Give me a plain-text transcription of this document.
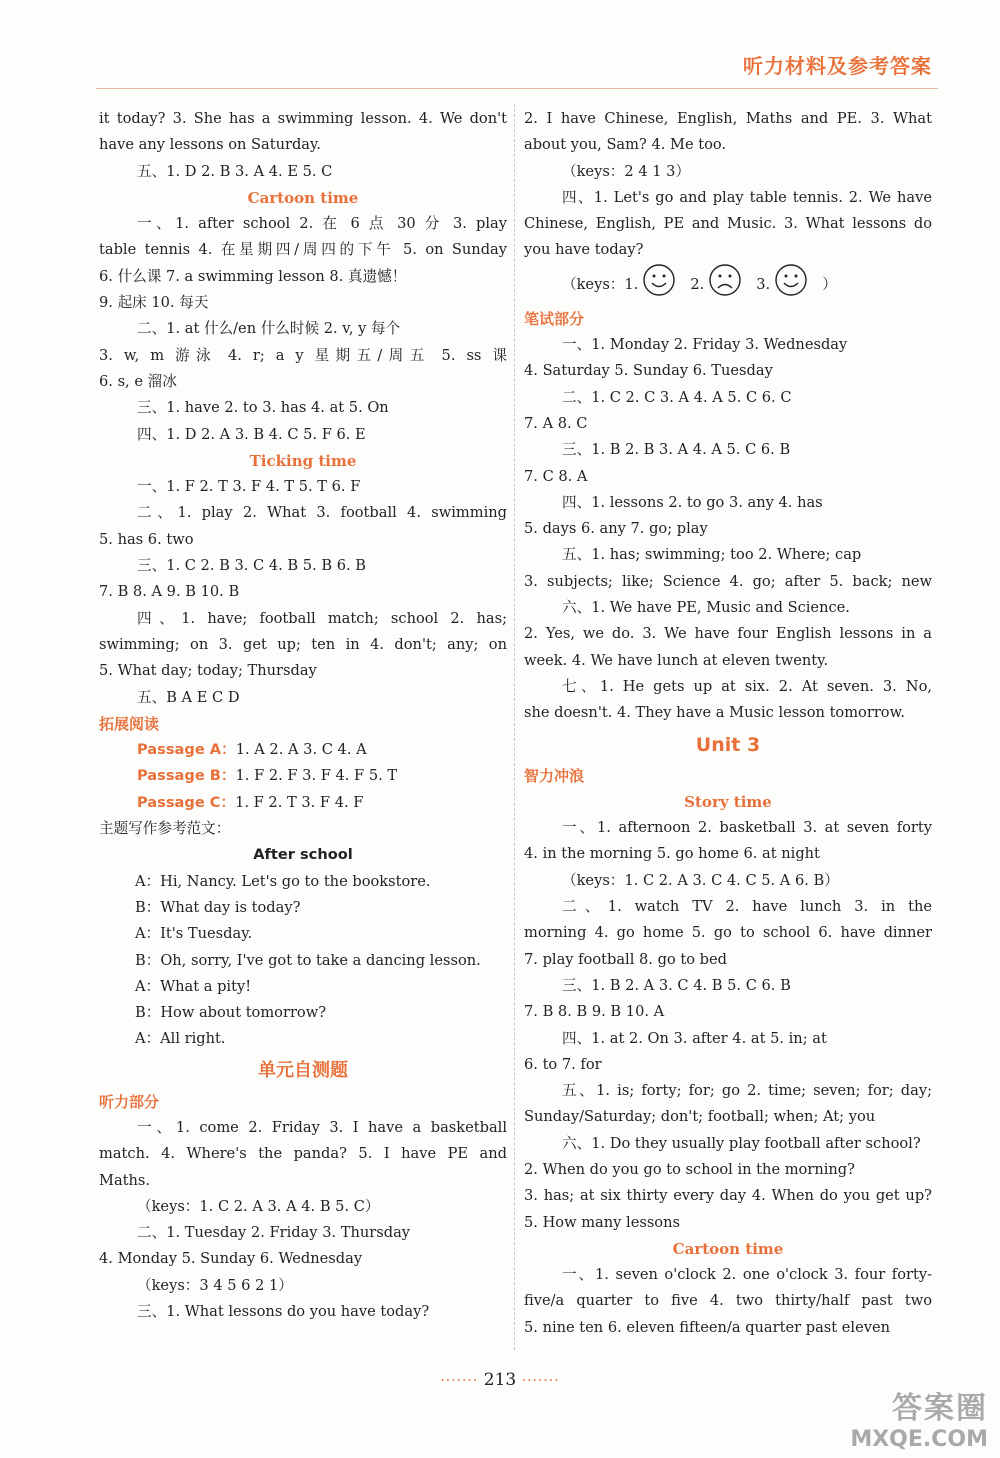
听力材料及参考答案

it today? 3. She has a swimming lesson. 4. We don't

have any lessons on Saturday.

五、1. D 2. B 3. A 4. E 5. C

Cartoon time

一、1. after school 2. 在 6 点 30 分 3. play

table tennis 4. 在星期四/周四的下午 5. on Sunday

6. 什么课 7. a swimming lesson 8. 真遗憾！

9. 起床 10. 每天

二、1. at 什么/en 什么时候 2. v, y 每个

3. w, m 游泳 4. r; a y 星期五/周五 5. ss 课

6. s, e 溜冰

三、1. have 2. to 3. has 4. at 5. On

四、1. D 2. A 3. B 4. C 5. F 6. E

Ticking time

一、1. F 2. T 3. F 4. T 5. T 6. F

二、1. play 2. What 3. football 4. swimming

5. has 6. two

三、1. C 2. B 3. C 4. B 5. B 6. B

7. B 8. A 9. B 10. B

四、1. have; football match; school 2. has;

swimming; on 3. get up; ten in 4. don't; any; on

5. What day; today; Thursday

五、B A E C D

拓展阅读

Passage A：1. A 2. A 3. C 4. A

Passage B：1. F 2. F 3. F 4. F 5. T

Passage C：1. F 2. T 3. F 4. F

主题写作参考范文：

After school

A：Hi, Nancy. Let's go to the bookstore.

B：What day is today?

A：It's Tuesday.

B：Oh, sorry, I've got to take a dancing lesson.

A：What a pity!

B：How about tomorrow?

A：All right.

单元自测题

听力部分

一、1. come 2. Friday 3. I have a basketball

match. 4. Where's the panda? 5. I have PE and

Maths.

（keys：1. C 2. A 3. A 4. B 5. C）

二、1. Tuesday 2. Friday 3. Thursday

4. Monday 5. Sunday 6. Wednesday

（keys：3 4 5 6 2 1）

三、1. What lessons do you have today?

2. I have Chinese, English, Maths and PE. 3. What

about you, Sam? 4. Me too.

（keys：2 4 1 3）

四、1. Let's go and play table tennis. 2. We have

Chinese, English, PE and Music. 3. What lessons do

you have today?

（keys：1.	2.	3.	）

笔试部分

一、1. Monday 2. Friday 3. Wednesday

4. Saturday 5. Sunday 6. Tuesday

二、1. C 2. C 3. A 4. A 5. C 6. C

7. A 8. C

三、1. B 2. B 3. A 4. A 5. C 6. B

7. C 8. A

四、1. lessons 2. to go 3. any 4. has

5. days 6. any 7. go; play

五、1. has; swimming; too 2. Where; cap

3. subjects; like; Science 4. go; after 5. back; new

六、1. We have PE, Music and Science.

2. Yes, we do. 3. We have four English lessons in a

week. 4. We have lunch at eleven twenty.

七、1. He gets up at six. 2. At seven. 3. No,

she doesn't. 4. They have a Music lesson tomorrow.

Unit 3

智力冲浪

Story time

一、1. afternoon 2. basketball 3. at seven forty

4. in the morning 5. go home 6. at night

（keys：1. C 2. A 3. C 4. C 5. A 6. B）

二、1. watch TV 2. have lunch 3. in the

morning 4. go home 5. go to school 6. have dinner

7. play football 8. go to bed

三、1. B 2. A 3. C 4. B 5. C 6. B

7. B 8. B 9. B 10. A

四、1. at 2. On 3. after 4. at 5. in; at

6. to 7. for

五、1. is; forty; for; go 2. time; seven; for; day;

Sunday/Saturday; don't; football; when; At; you

六、1. Do they usually play football after school?

2. When do you go to school in the morning?

3. has; at six thirty every day 4. When do you get up?

5. How many lessons

Cartoon time

一、1. seven o'clock 2. one o'clock 3. four forty-

five/a quarter to five 4. two thirty/half past two

5. nine ten 6. eleven fifteen/a quarter past eleven

······· 213 ·······
答案圈
MXQE.COM
